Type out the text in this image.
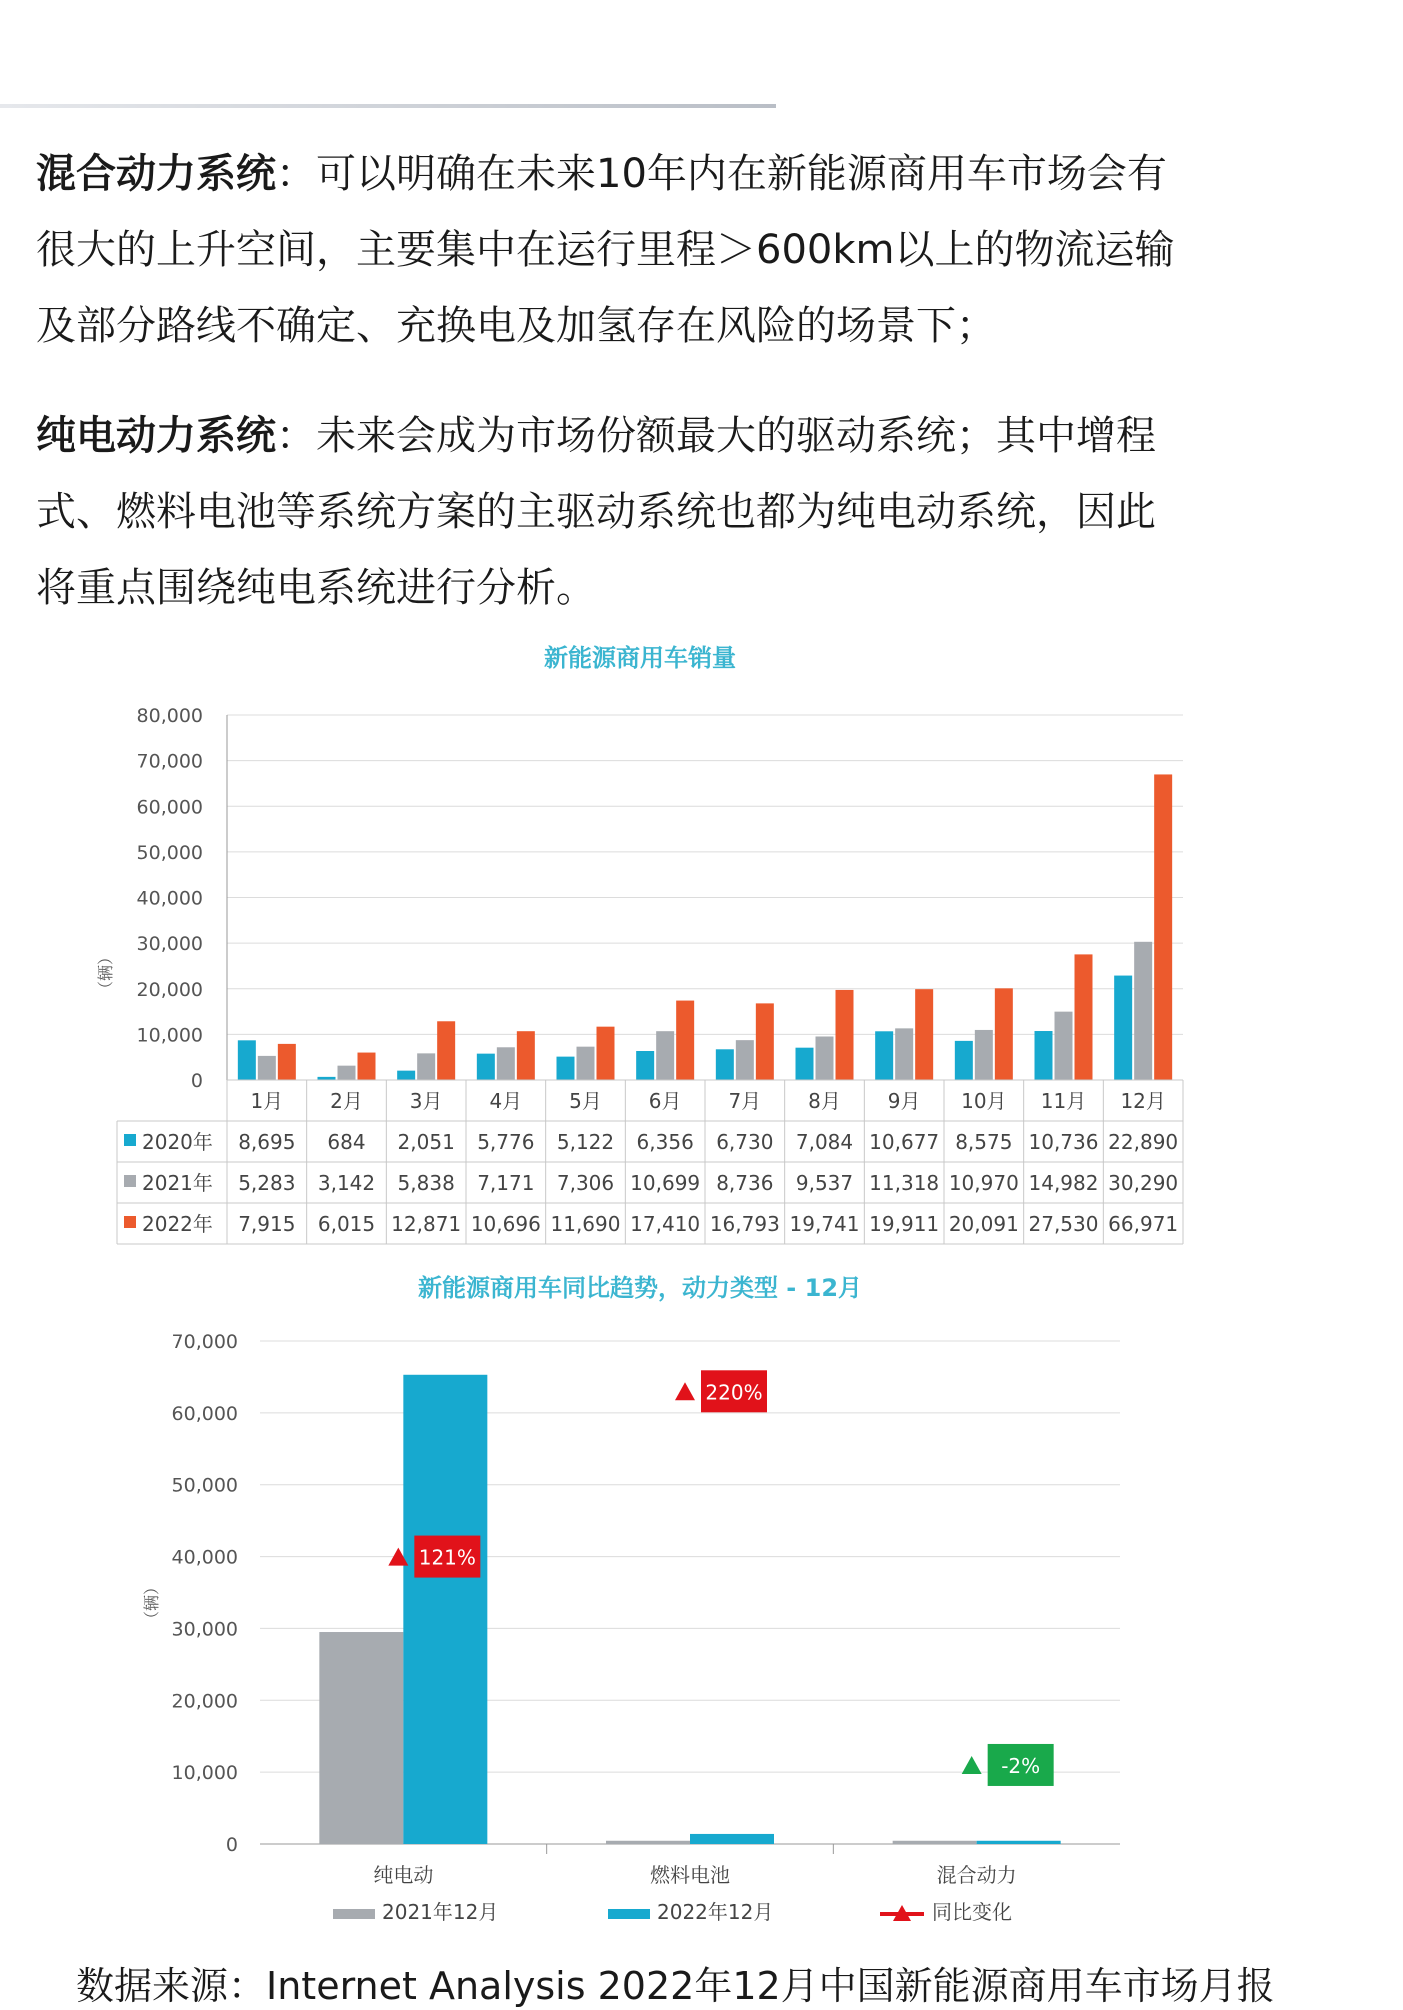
混合动力系统：可以明确在未来10年内在新能源商用车市场会有
很大的上升空间，主要集中在运行里程＞600km以上的物流运输
及部分路线不确定、充换电及加氢存在风险的场景下；

纯电动力系统：未来会成为市场份额最大的驱动系统；其中增程
式、燃料电池等系统方案的主驱动系统也都为纯电动系统，因此
将重点围绕纯电系统进行分析。

新能源商用车销量
0
10,000
20,000
30,000
40,000
50,000
60,000
70,000
80,000
（辆）
1月 2月 3月 4月 5月 6月 7月 8月 9月 10月 11月 12月
2020年 8,695 684 2,051 5,776 5,122 6,356 6,730 7,084 10,677 8,575 10,736 22,890
2021年 5,283 3,142 5,838 7,171 7,306 10,699 8,736 9,537 11,318 10,970 14,982 30,290
2022年 7,915 6,015 12,871 10,696 11,690 17,410 16,793 19,741 19,911 20,091 27,530 66,971
新能源商用车同比趋势，动力类型 - 12月
0
10,000
20,000
30,000
40,000
50,000
60,000
70,000
（辆）
纯电动	燃料电池	混合动力
121%
220%
-2%
2021年12月	2022年12月	同比变化
数据来源：Internet Analysis 2022年12月中国新能源商用车市场月报
